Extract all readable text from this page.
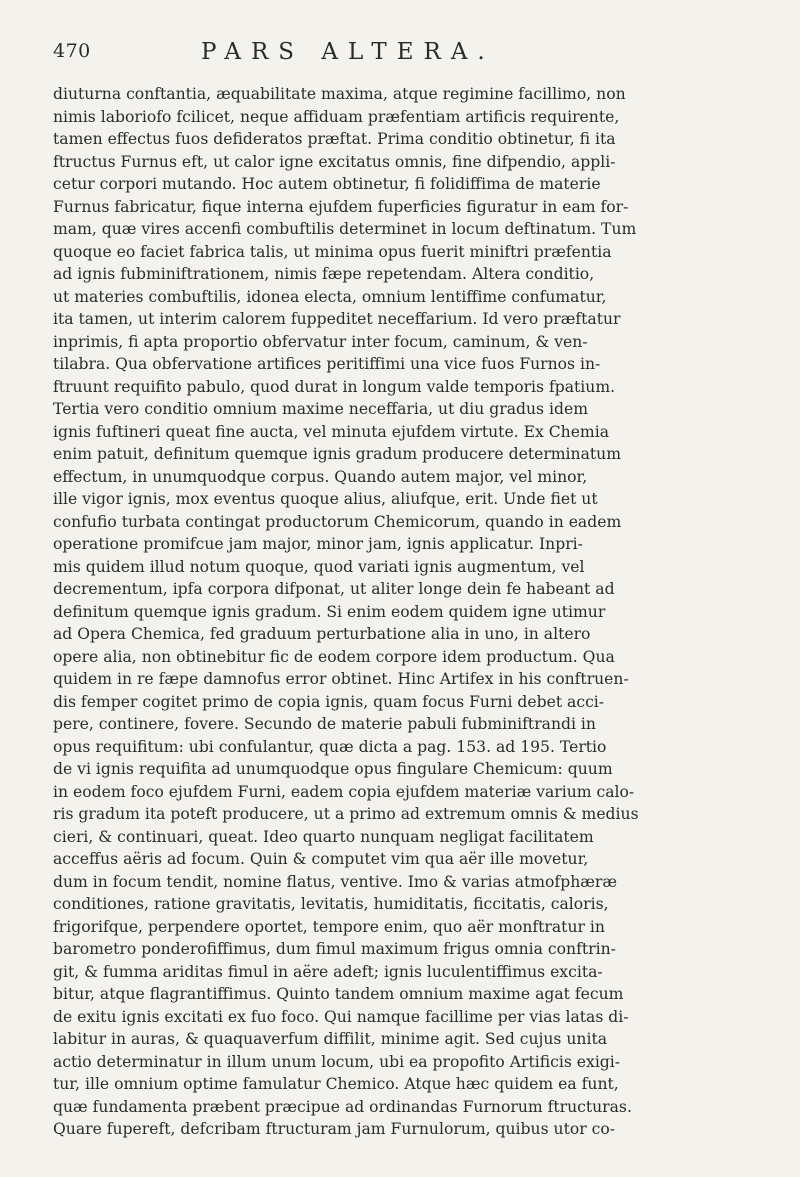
470	PARS ALTERA.
diuturna conftantia, æquabilitate maxima, atque regimine facillimo, non
nimis laboriofo fcilicet, neque affiduam præfentiam artificis requirente,
tamen effectus fuos defideratos præftat. Prima conditio obtinetur, fi ita
ftructus Furnus eft, ut calor igne excitatus omnis, fine difpendio, appli-
cetur corpori mutando. Hoc autem obtinetur, fi folidiffima de materie
Furnus fabricatur, fique interna ejufdem fuperficies figuratur in eam for-
mam, quæ vires accenfi combuftilis determinet in locum deftinatum. Tum
quoque eo faciet fabrica talis, ut minima opus fuerit miniftri præfentia
ad ignis fubminiftrationem, nimis fæpe repetendam. Altera conditio,
ut materies combuftilis, idonea electa, omnium lentiffime confumatur,
ita tamen, ut interim calorem fuppeditet neceffarium. Id vero præftatur
inprimis, fi apta proportio obfervatur inter focum, caminum, & ven-
tilabra. Qua obfervatione artifices peritiffimi una vice fuos Furnos in-
ftruunt requifito pabulo, quod durat in longum valde temporis fpatium.
Tertia vero conditio omnium maxime neceffaria, ut diu gradus idem
ignis fuftineri queat fine aucta, vel minuta ejufdem virtute. Ex Chemia
enim patuit, definitum quemque ignis gradum producere determinatum
effectum, in unumquodque corpus. Quando autem major, vel minor,
ille vigor ignis, mox eventus quoque alius, aliufque, erit. Unde fiet ut
confufio turbata contingat productorum Chemicorum, quando in eadem
operatione promifcue jam major, minor jam, ignis applicatur. Inpri-
mis quidem illud notum quoque, quod variati ignis augmentum, vel
decrementum, ipfa corpora difponat, ut aliter longe dein fe habeant ad
definitum quemque ignis gradum. Si enim eodem quidem igne utimur
ad Opera Chemica, fed graduum perturbatione alia in uno, in altero
opere alia, non obtinebitur fic de eodem corpore idem productum. Qua
quidem in re fæpe damnofus error obtinet. Hinc Artifex in his conftruen-
dis femper cogitet primo de copia ignis, quam focus Furni debet acci-
pere, continere, fovere. Secundo de materie pabuli fubminiftrandi in
opus requifitum: ubi confulantur, quæ dicta a pag. 153. ad 195. Tertio
de vi ignis requifita ad unumquodque opus fingulare Chemicum: quum
in eodem foco ejufdem Furni, eadem copia ejufdem materiæ varium calo-
ris gradum ita poteft producere, ut a primo ad extremum omnis & medius
cieri, & continuari, queat. Ideo quarto nunquam negligat facilitatem
acceffus aëris ad focum. Quin & computet vim qua aër ille movetur,
dum in focum tendit, nomine flatus, ventive. Imo & varias atmofphæræ
conditiones, ratione gravitatis, levitatis, humiditatis, ficcitatis, caloris,
frigorifque, perpendere oportet, tempore enim, quo aër monftratur in
barometro ponderofiffimus, dum fimul maximum frigus omnia conftrin-
git, & fumma ariditas fimul in aëre adeft; ignis luculentiffimus excita-
bitur, atque flagrantiffimus. Quinto tandem omnium maxime agat fecum
de exitu ignis excitati ex fuo foco. Qui namque facillime per vias latas di-
labitur in auras, & quaquaverfum diffilit, minime agit. Sed cujus unita
actio determinatur in illum unum locum, ubi ea propofito Artificis exigi-
tur, ille omnium optime famulatur Chemico. Atque hæc quidem ea funt,
quæ fundamenta præbent præcipue ad ordinandas Furnorum ftructuras.
Quare fupereft, defcribam ftructuram jam Furnulorum, quibus utor co-
